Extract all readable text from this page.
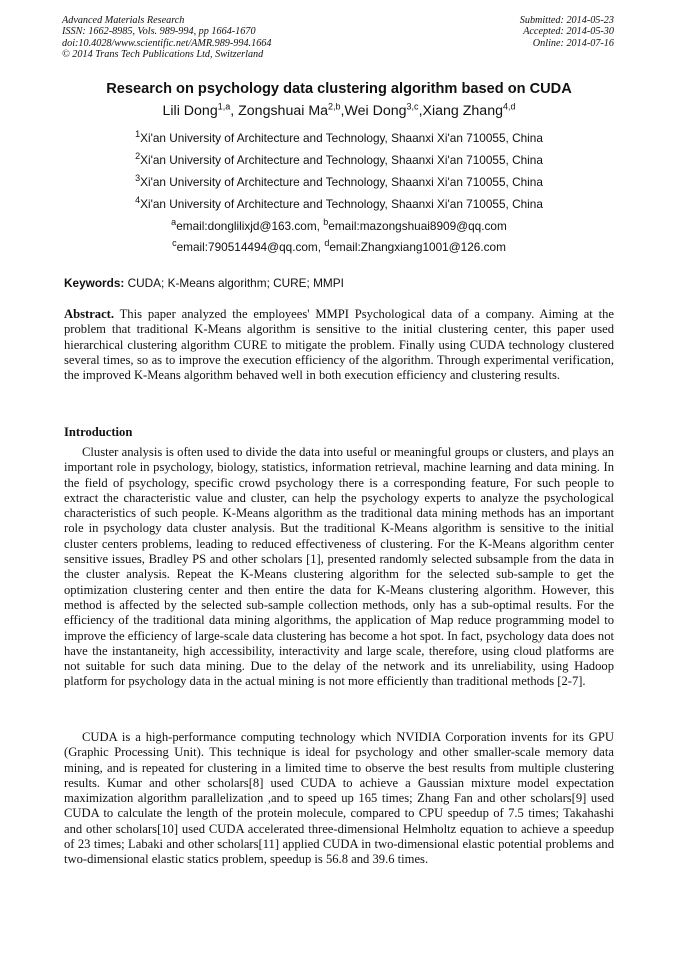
Advanced Materials Research
ISSN: 1662-8985, Vols. 989-994, pp 1664-1670
doi:10.4028/www.scientific.net/AMR.989-994.1664
© 2014 Trans Tech Publications Ltd, Switzerland
Submitted: 2014-05-23
Accepted: 2014-05-30
Online: 2014-07-16
Research on psychology data clustering algorithm based on CUDA
Lili Dong$^{1,a}$, Zongshuai Ma$^{2,b}$,Wei Dong$^{3,c}$,Xiang Zhang$^{4,d}$
$^1$Xi'an University of Architecture and Technology, Shaanxi Xi'an 710055, China
$^2$Xi'an University of Architecture and Technology, Shaanxi Xi'an 710055, China
$^3$Xi'an University of Architecture and Technology, Shaanxi Xi'an 710055, China
$^4$Xi'an University of Architecture and Technology, Shaanxi Xi'an 710055, China
$^a$email:donglilixjd@163.com, $^b$email:mazongshuai8909@qq.com
$^c$email:790514494@qq.com, $^d$email:Zhangxiang1001@126.com
Keywords: CUDA; K-Means algorithm; CURE; MMPI
Abstract. This paper analyzed the employees' MMPI Psychological data of a company. Aiming at the problem that traditional K-Means algorithm is sensitive to the initial clustering center, this paper used hierarchical clustering algorithm CURE to mitigate the problem. Finally using CUDA technology clustered several times, so as to improve the execution efficiency of the algorithm. Through experimental verification, the improved K-Means algorithm behaved well in both execution efficiency and clustering results.
Introduction

Cluster analysis is often used to divide the data into useful or meaningful groups or clusters, and plays an important role in psychology, biology, statistics, information retrieval, machine learning and data mining. In the field of psychology, specific crowd psychology there is a corresponding feature, For such people to extract the characteristic value and cluster, can help the psychology experts to analyze the psychological characteristics of such people. K-Means algorithm as the traditional data mining methods has an important role in psychology data cluster analysis. But the traditional K-Means algorithm is sensitive to the initial cluster centers problems, leading to reduced effectiveness of clustering. For the K-Means algorithm center sensitive issues, Bradley PS and other scholars [1], presented randomly selected subsample from the data in the cluster analysis. Repeat the K-Means clustering algorithm for the selected sub-sample to get the optimization clustering center and then entire the data for K-Means clustering algorithm. However, this method is affected by the selected sub-sample collection methods, only has a sub-optimal results. For the efficiency of the traditional data mining algorithms, the application of Map reduce programming model to improve the efficiency of large-scale data clustering has become a hot spot. In fact, psychology data does not have the instantaneity, high accessibility, interactivity and large scale, therefore, using cloud platforms are not suitable for such data mining. Due to the delay of the network and its unreliability, using Hadoop platform for psychology data in the actual mining is not more efficiently than traditional methods [2-7].

CUDA is a high-performance computing technology which NVIDIA Corporation invents for its GPU (Graphic Processing Unit). This technique is ideal for psychology and other smaller-scale memory data mining, and is repeated for clustering in a limited time to observe the best results from multiple clustering results. Kumar and other scholars[8] used CUDA to achieve a Gaussian mixture model expectation maximization algorithm parallelization ,and to speed up 165 times; Zhang Fan and other scholars[9] used CUDA to calculate the length of the protein molecule, compared to CPU speedup of 7.5 times; Takahashi and other scholars[10] used CUDA accelerated three-dimensional Helmholtz equation to achieve a speedup of 23 times; Labaki and other scholars[11] applied CUDA in two-dimensional elastic potential problems and two-dimensional elastic statics problem, speedup is 56.8 and 39.6 times.
